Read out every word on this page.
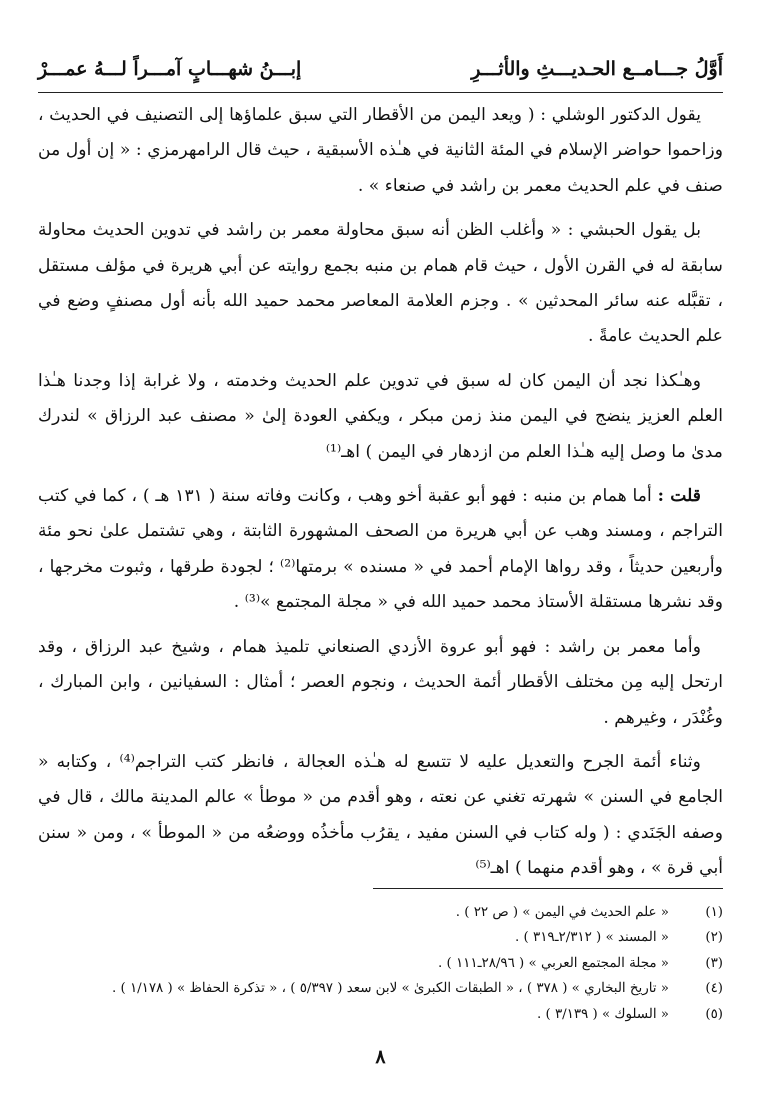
أَوَّلُ جـــامــع الحـديـــثِ والأثـــرِ
إبـــنُ شهـــابٍ آمـــراً لـــهُ عمـــرْ

يقول الدكتور الوشلي : ( ويعد اليمن من الأقطار التي سبق علماؤها إلى التصنيف في الحديث ، وزاحموا حواضر الإسلام في المئة الثانية في هـٰذه الأسبقية ، حيث قال الرامهرمزي : « إن أول من صنف في علم الحديث معمر بن راشد في صنعاء » .

بل يقول الحبشي : « وأغلب الظن أنه سبق محاولة معمر بن راشد في تدوين الحديث محاولة سابقة له في القرن الأول ، حيث قام همام بن منبه بجمع روايته عن أبي هريرة في مؤلف مستقل ، تقبَّله عنه سائر المحدثين » . وجزم العلامة المعاصر محمد حميد الله بأنه أول مصنفٍ وضع في علم الحديث عامةً .

وهـٰكذا نجد أن اليمن كان له سبق في تدوين علم الحديث وخدمته ، ولا غرابة إذا وجدنا هـٰذا العلم العزيز ينضج في اليمن منذ زمن مبكر ، ويكفي العودة إلىٰ « مصنف عبد الرزاق » لندرك مدىٰ ما وصل إليه هـٰذا العلم من ازدهار في اليمن ) اهـ⁽¹⁾

قلت : أما همام بن منبه : فهو أبو عقبة أخو وهب ، وكانت وفاته سنة ( ١٣١ هـ ) ، كما في كتب التراجم ، ومسند وهب عن أبي هريرة من الصحف المشهورة الثابتة ، وهي تشتمل علىٰ نحو مئة وأربعين حديثاً ، وقد رواها الإمام أحمد في « مسنده » برمتها⁽²⁾ ؛ لجودة طرقها ، وثبوت مخرجها ، وقد نشرها مستقلة الأستاذ محمد حميد الله في « مجلة المجتمع »⁽³⁾ .

وأما معمر بن راشد : فهو أبو عروة الأزدي الصنعاني تلميذ همام ، وشيخ عبد الرزاق ، وقد ارتحل إليه مِن مختلف الأقطار أئمة الحديث ، ونجوم العصر ؛ أمثال : السفيانين ، وابن المبارك ، وغُنْدَر ، وغيرهم .

وثناء أئمة الجرح والتعديل عليه لا تتسع له هـٰذه العجالة ، فانظر كتب التراجم⁽⁴⁾ ، وكتابه « الجامع في السنن » شهرته تغني عن نعته ، وهو أقدم من « موطأ » عالم المدينة مالك ، قال في وصفه الجَنَدي : ( وله كتاب في السنن مفيد ، يقرُب مأخذُه ووضعُه من « الموطأ » ، ومن « سنن أبي قرة » ، وهو أقدم منهما ) اهـ⁽⁵⁾

(١)
« علم الحديث في اليمن » ( ص ٢٢ ) .
(٢)
« المسند » ( ٢/٣١٢ـ٣١٩ ) .
(٣)
« مجلة المجتمع العربي » ( ٢٨/٩٦ـ١١١ ) .
(٤)
« تاريخ البخاري » ( ٣٧٨ ) ، « الطبقات الكبرىٰ » لابن سعد ( ٥/٣٩٧ ) ، « تذكرة الحفاظ » ( ١/١٧٨ ) .
(٥)
« السلوك » ( ٣/١٣٩ ) .
٨
